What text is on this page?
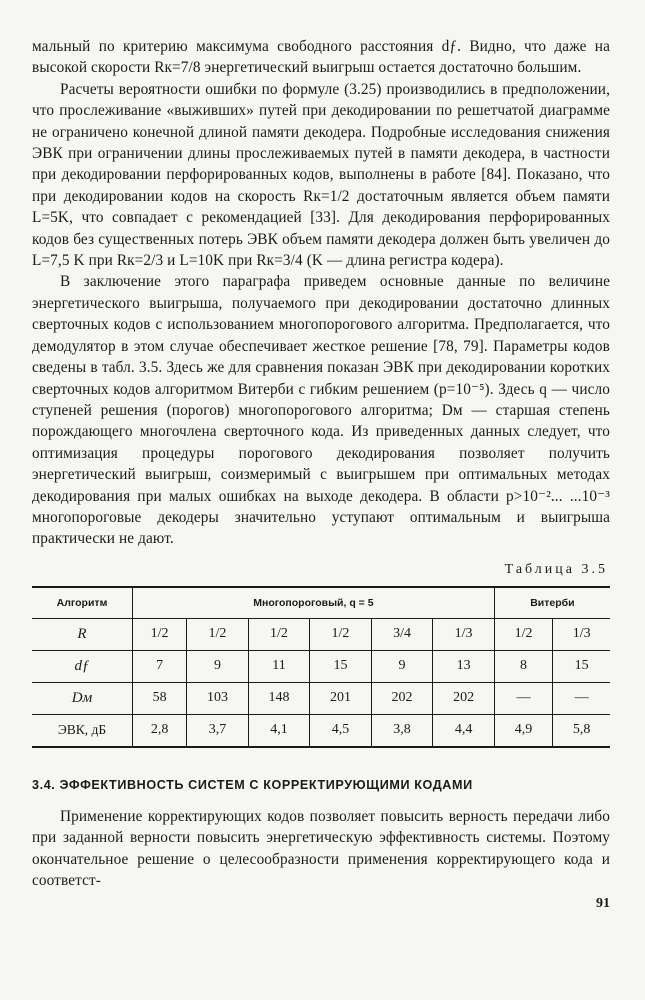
мальный по критерию максимума свободного расстояния dƒ. Видно, что даже на высокой скорости Rк=7/8 энергетический выигрыш остается достаточно большим.

Расчеты вероятности ошибки по формуле (3.25) производились в предположении, что прослеживание «выживших» путей при декодировании по решетчатой диаграмме не ограничено конечной длиной памяти декодера. Подробные исследования снижения ЭВК при ограничении длины прослеживаемых путей в памяти декодера, в частности при декодировании перфорированных кодов, выполнены в работе [84]. Показано, что при декодировании кодов на скорость Rк=1/2 достаточным является объем памяти L=5K, что совпадает с рекомендацией [33]. Для декодирования перфорированных кодов без существенных потерь ЭВК объем памяти декодера должен быть увеличен до L=7,5 K при Rк=2/3 и L=10K при Rк=3/4 (K — длина регистра кодера).

В заключение этого параграфа приведем основные данные по величине энергетического выигрыша, получаемого при декодировании достаточно длинных сверточных кодов с использованием многопорогового алгоритма. Предполагается, что демодулятор в этом случае обеспечивает жесткое решение [78, 79]. Параметры кодов сведены в табл. 3.5. Здесь же для сравнения показан ЭВК при декодировании коротких сверточных кодов алгоритмом Витерби с гибким решением (p=10⁻⁵). Здесь q — число ступеней решения (порогов) многопорогового алгоритма; Dм — старшая степень порождающего многочлена сверточного кода. Из приведенных данных следует, что оптимизация процедуры порогового декодирования позволяет получить энергетический выигрыш, соизмеримый с выигрышем при оптимальных методах декодирования при малых ошибках на выходе декодера. В области p>10⁻²... ...10⁻³ многопороговые декодеры значительно уступают оптимальным и выигрыша практически не дают.

Таблица 3.5
Алгоритм	Многопороговый, q = 5						Витерби	
R	1/2	1/2	1/2	1/2	3/4	1/3	1/2	1/3
dƒ	7	9	11	15	9	13	8	15
Dм	58	103	148	201	202	202	—	—
ЭВК, дБ	2,8	3,7	4,1	4,5	3,8	4,4	4,9	5,8
3.4. ЭФФЕКТИВНОСТЬ СИСТЕМ С КОРРЕКТИРУЮЩИМИ КОДАМИ

Применение корректирующих кодов позволяет повысить верность передачи либо при заданной верности повысить энергетическую эффективность системы. Поэтому окончательное решение о целесообразности применения корректирующего кода и соответст-

91
